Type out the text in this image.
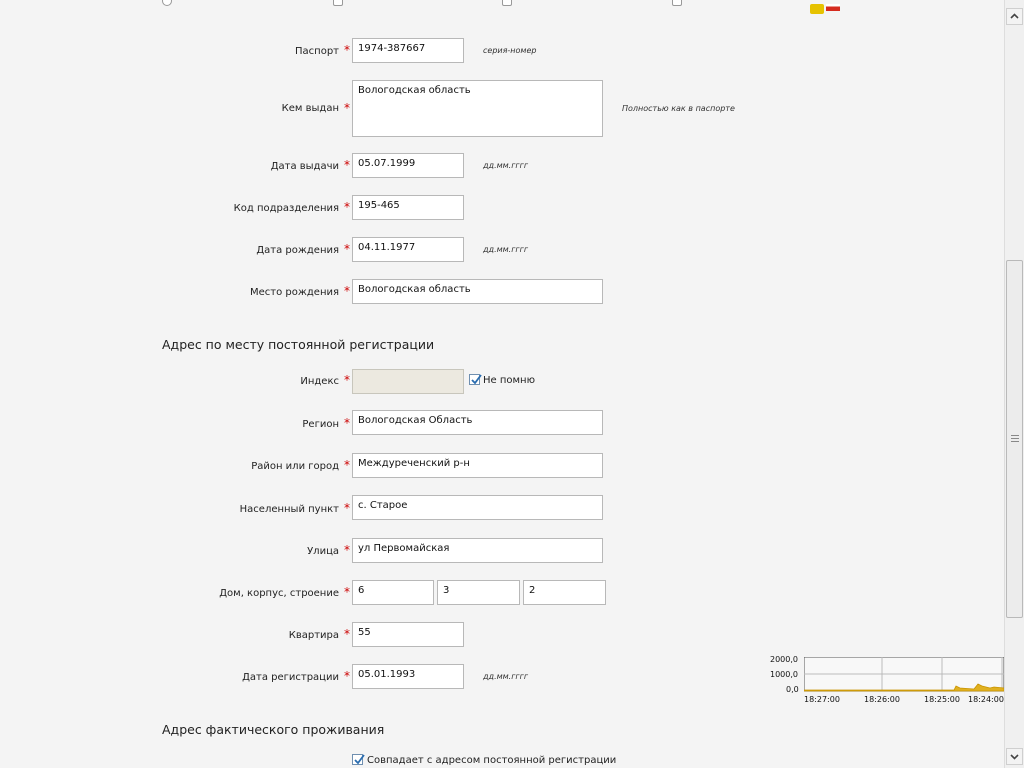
Паспорт * 1974-387667	серия-номер
Кем выдан *
Вологодская область
Полностью как в паспорте
Дата выдачи * 05.07.1999	дд.мм.гггг
Код подразделения * 195-465
Дата рождения * 04.11.1977	дд.мм.гггг
Место рождения * Вологодская область
Адрес по месту постоянной регистрации
Индекс *	Не помню
Регион * Вологодская Область
Район или город * Междуреченский р-н
Населенный пункт * с. Старое
Улица * ул Первомайская
Дом, корпус, строение * 6	3	2
Квартира * 55
Дата регистрации * 05.01.1993	дд.мм.гггг
Адрес фактического проживания
Совпадает с адресом постоянной регистрации
2000,0
1000,0
0,0
18:27:00	18:26:00	18:25:00 18:24:00
